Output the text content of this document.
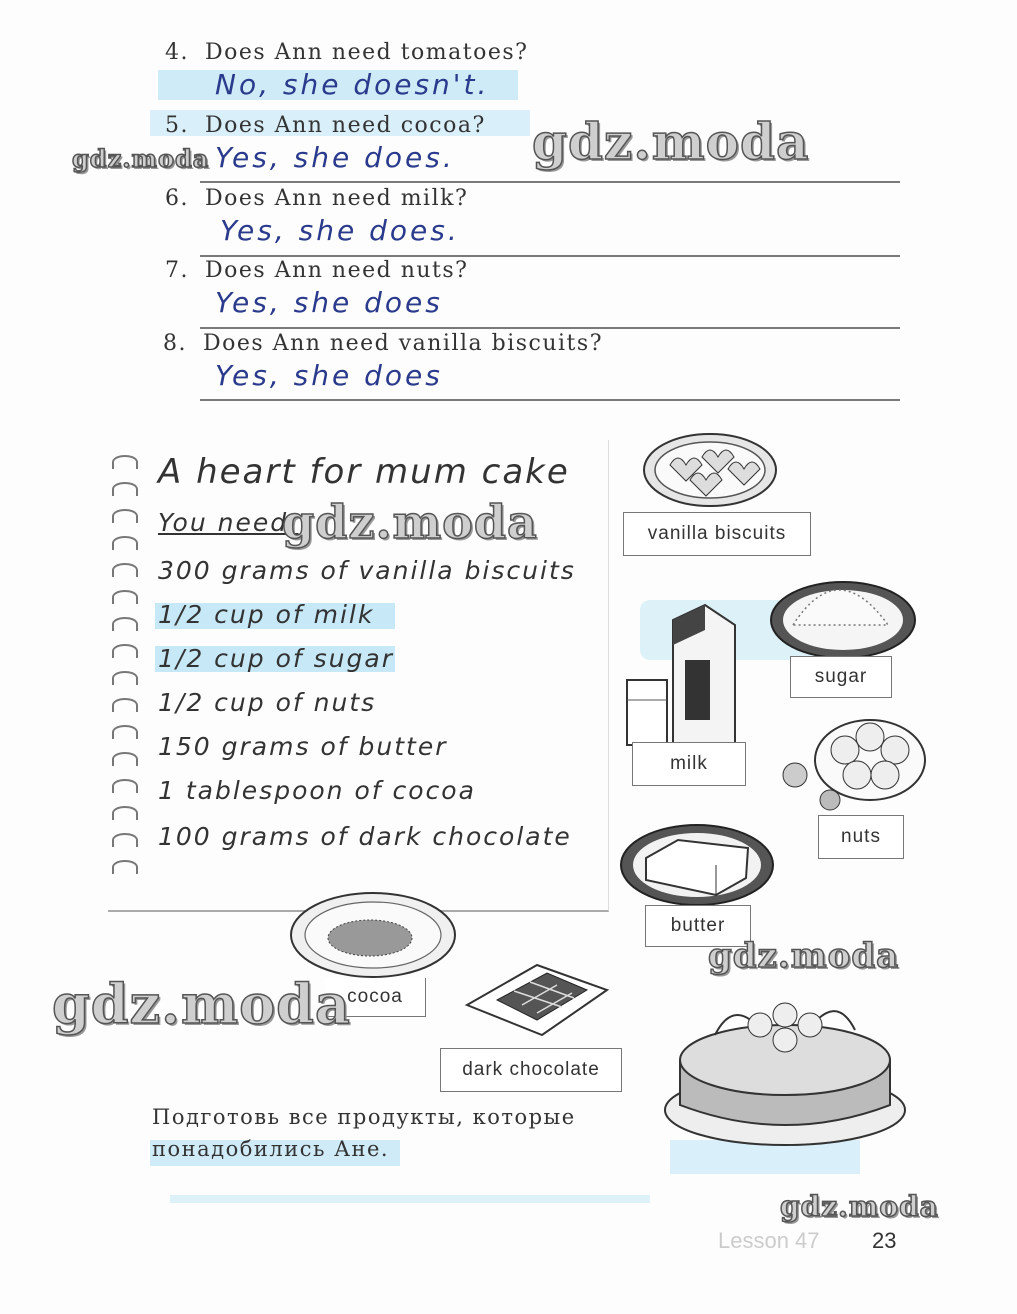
4. Does Ann need tomatoes?
No, she doesn't.
5. Does Ann need cocoa?
Yes, she does.
6. Does Ann need milk?
Yes, she does.
7. Does Ann need nuts?
Yes, she does
8. Does Ann need vanilla biscuits?
Yes, she does
A heart for mum cake
You need:
300 grams of vanilla biscuits
1/2 cup of milk
1/2 cup of sugar
1/2 cup of nuts
150 grams of butter
1 tablespoon of cocoa
100 grams of dark chocolate
vanilla biscuits
sugar
milk
nuts
butter
cocoa
dark chocolate
Подготовь все продукты, которые
понадобились Ане.
Lesson 47 23
gdz.moda
gdz.moda
gdz.moda
gdz.moda
gdz.moda
gdz.moda
